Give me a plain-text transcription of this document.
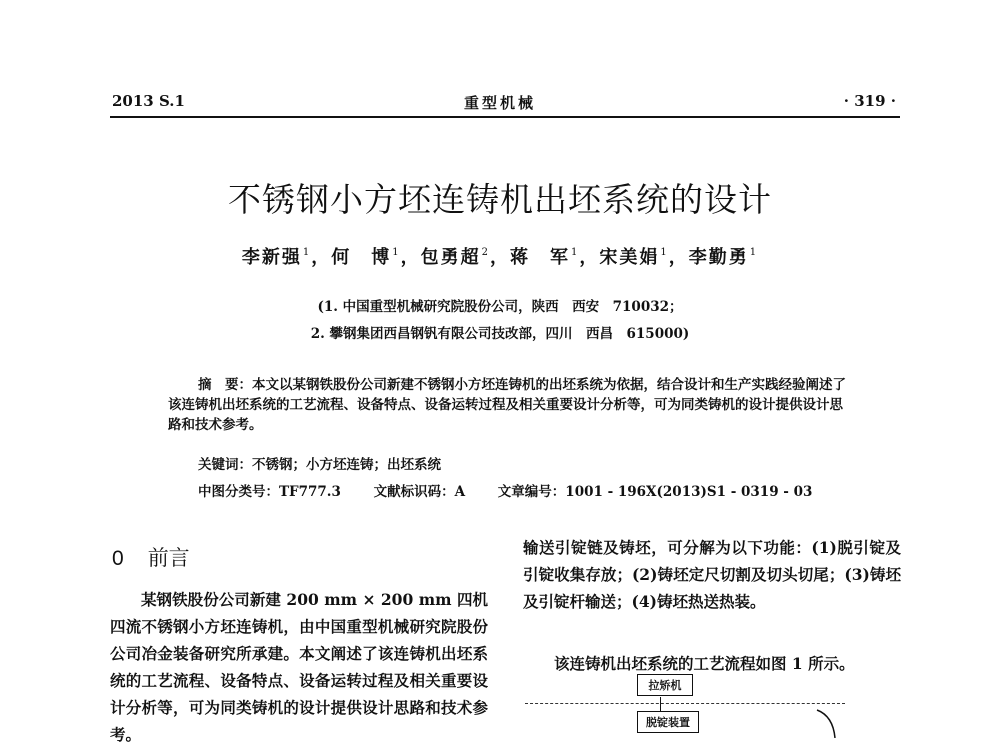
2013 S.1	重型机械	· 319 ·
不锈钢小方坯连铸机出坯系统的设计
李新强$^1$，何　博$^1$，包勇超$^2$，蒋　军$^1$，宋美娟$^1$，李勤勇$^1$
(1. 中国重型机械研究院股份公司，陕西　西安　710032；
2. 攀钢集团西昌钢钒有限公司技改部，四川　西昌　615000)
摘　要：本文以某钢铁股份公司新建不锈钢小方坯连铸机的出坯系统为依据，结合设计和生产实践经验阐述了该连铸机出坯系统的工艺流程、设备特点、设备运转过程及相关重要设计分析等，可为同类铸机的设计提供设计思路和技术参考。
关键词：不锈钢；小方坯连铸；出坯系统
中图分类号：TF777.3 文献标识码：A 文章编号：1001 - 196X(2013)S1 - 0319 - 03
0 前言
某钢铁股份公司新建 200 mm × 200 mm 四机四流不锈钢小方坯连铸机，由中国重型机械研究院股份公司冶金装备研究所承建。本文阐述了该连铸机出坯系统的工艺流程、设备特点、设备运转过程及相关重要设计分析等，可为同类铸机的设计提供设计思路和技术参考。
输送引锭链及铸坯，可分解为以下功能：(1)脱引锭及引锭收集存放；(2)铸坯定尺切割及切头切尾；(3)铸坯及引锭杆输送；(4)铸坯热送热装。
该连铸机出坯系统的工艺流程如图 1 所示。
拉矫机
脱锭装置
